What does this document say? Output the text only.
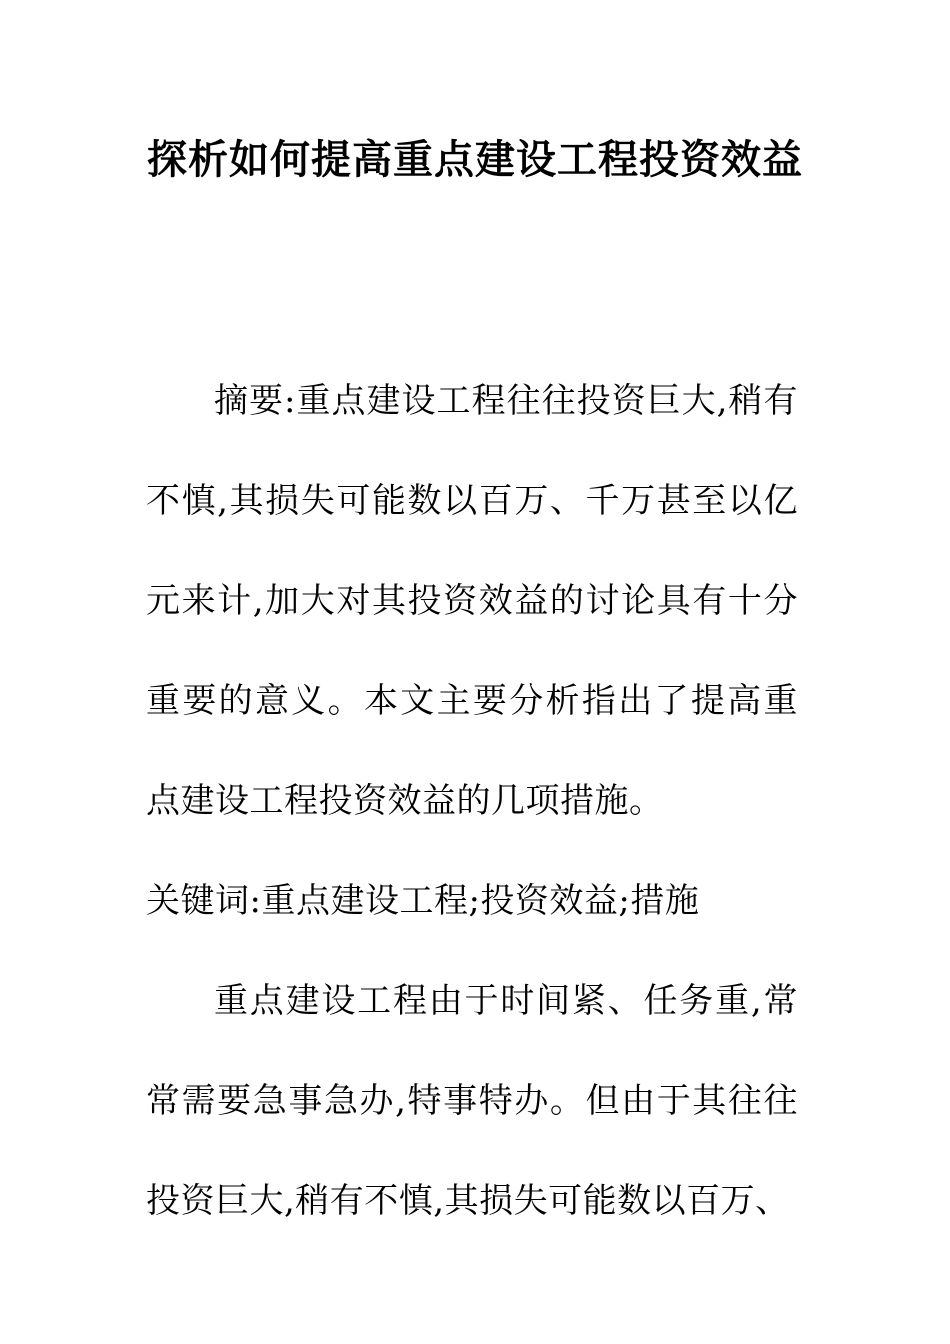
探析如何提高重点建设工程投资效益

摘要:重点建设工程往往投资巨大,稍有不慎,其损失可能数以百万、千万甚至以亿元来计,加大对其投资效益的讨论具有十分重要的意义。本文主要分析指出了提高重点建设工程投资效益的几项措施。

关键词:重点建设工程;投资效益;措施

重点建设工程由于时间紧、任务重,常常需要急事急办,特事特办。但由于其往往投资巨大,稍有不慎,其损失可能数以百万、
